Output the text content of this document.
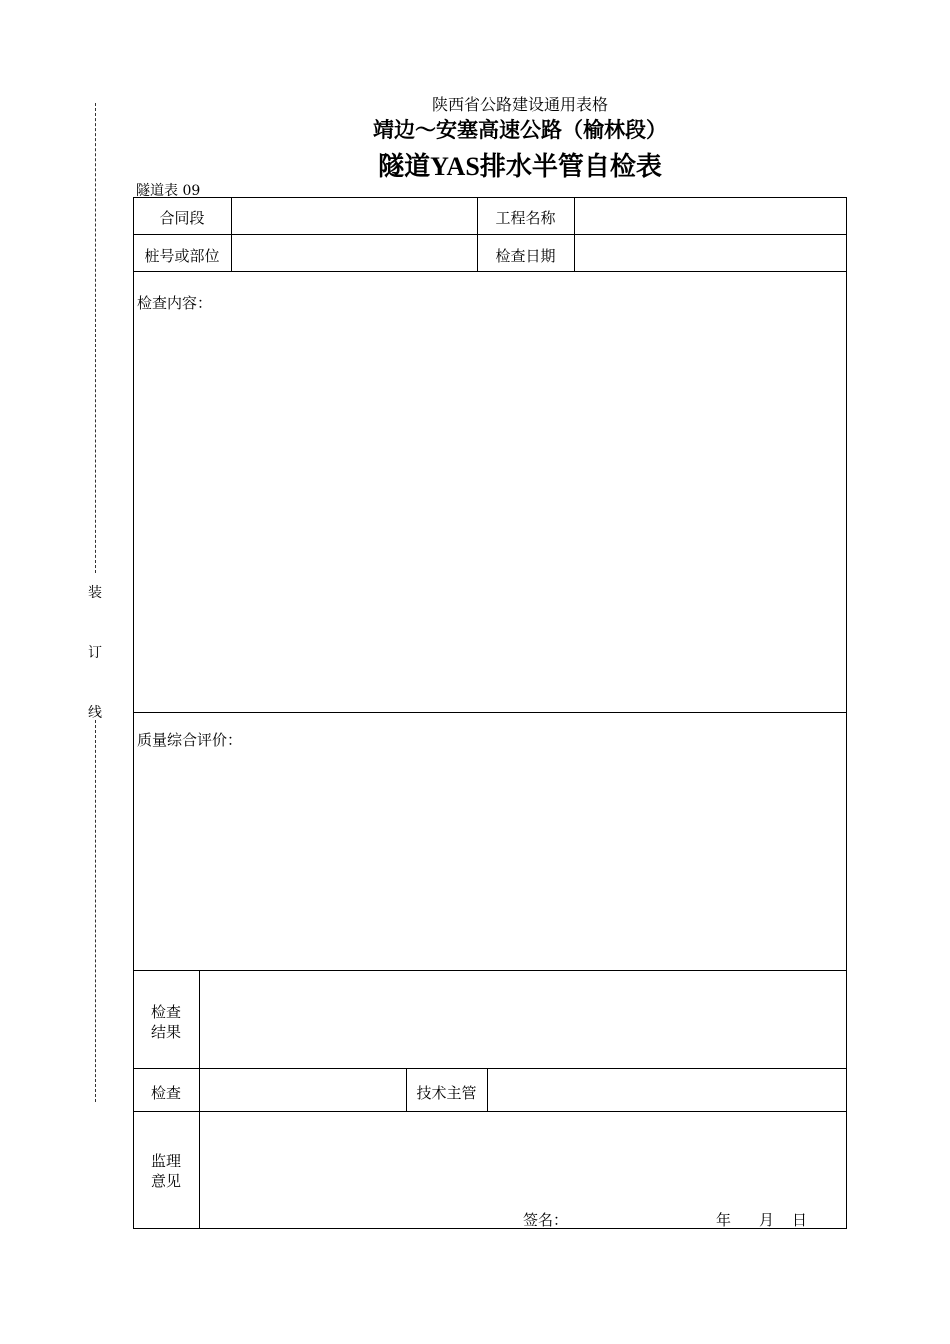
装
订
线
陕西省公路建设通用表格
靖边～安塞高速公路（榆林段）
隧道YAS排水半管自检表
隧道表 09
合同段	工程名称
桩号或部位	检查日期
检查内容：
质量综合评价：
检查
结果
检查	技术主管
监理
意见
签名：	年 月 日
